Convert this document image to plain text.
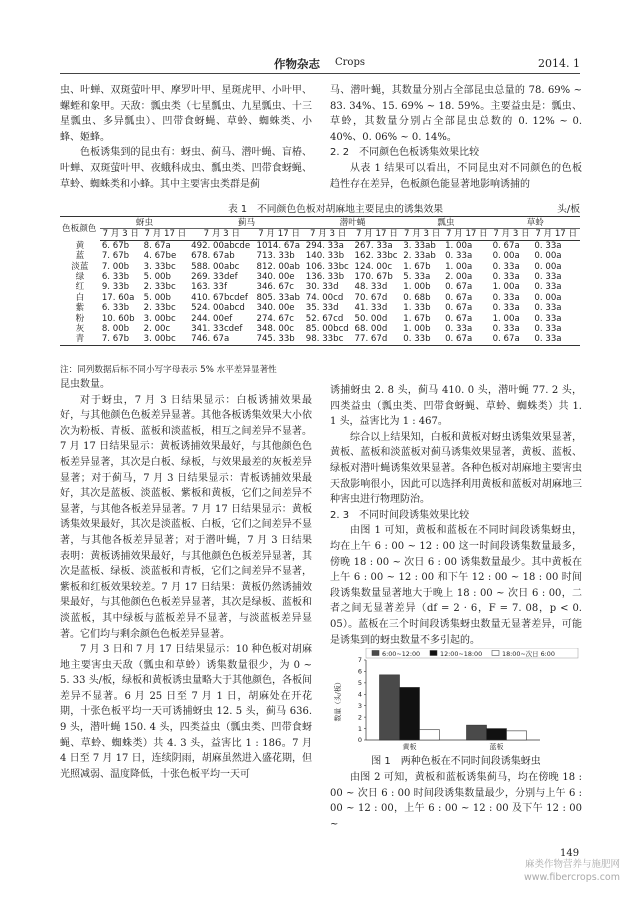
作物杂志 Crops	2014. 1

虫、叶蝉、双斑萤叶甲、摩罗叶甲、星斑虎甲、小叶甲、螺蛭和象甲。天敌：瓢虫类（七星瓢虫、九星瓢虫、十三星瓢虫、多异瓢虫）、凹带食蚜蝇、草蛉、蜘蛛类、小蜂、姬蜂。

色板诱集到的昆虫有：蚜虫、蓟马、潜叶蝇、盲椿、叶蝉、双斑萤叶甲、夜蛾科成虫、瓢虫类、凹带食蚜蝇、草蛉、蜘蛛类和小蜂。其中主要害虫类群是蓟

马、潜叶蝇，其数量分别占全部昆虫总量的 78. 69% ~ 83. 34%、15. 69% ~ 18. 59%。主要益虫是：瓢虫、草蛉，其数量分别占全部昆虫总数的 0. 12% ~ 0. 40%、0. 06% ~ 0. 14%。

2. 2　不同颜色色板诱集效果比较

从表 1 结果可以看出，不同昆虫对不同颜色的色板趋性存在差异，色板颜色能显著地影响诱捕的

表 1　不同颜色色板对胡麻地主要昆虫的诱集效果	头/板
色板颜色	蚜虫		蓟马		潜叶蝇		瓢虫		草蛉	
	7 月 3 日	7 月 17 日	7 月 3 日	7 月 17 日	7 月 3 日	7 月 17 日	7 月 3 日	7 月 17 日	7 月 3 日	7 月 17 日
黄	6. 67b	8. 67a	492. 00abcde	1014. 67a	294. 33a	267. 33a	3. 33ab	1. 00a	0. 67a	0. 33a
蓝	7. 67b	4. 67be	678. 67ab	713. 33b	140. 33b	162. 33bc	2. 33ab	0. 33a	0. 00a	0. 00a
淡蓝	7. 00b	3. 33bc	588. 00abc	812. 00ab	106. 33bc	124. 00c	1. 67b	1. 00a	0. 33a	0. 00a
绿	6. 33b	5. 00b	269. 33def	340. 00e	136. 33b	170. 67b	5. 33a	2. 00a	0. 33a	0. 33a
红	9. 33b	2. 33bc	163. 33f	346. 67c	30. 33d	48. 33d	1. 00b	0. 67a	1. 00a	0. 33a
白	17. 60a	5. 00b	410. 67bcdef	805. 33ab	74. 00cd	70. 67d	0. 68b	0. 67a	0. 33a	0. 00a
紫	6. 33b	2. 33bc	524. 00abcd	340. 00e	35. 33d	41. 33d	1. 33b	0. 67a	0. 33a	0. 33a
粉	10. 60b	3. 00bc	244. 00ef	274. 67c	52. 67cd	50. 00d	1. 67b	0. 67a	1. 00a	0. 33a
灰	8. 00b	2. 00c	341. 33cdef	348. 00c	85. 00bcd	68. 00d	1. 00b	0. 33a	0. 33a	0. 33a
青	7. 67b	3. 00bc	746. 67a	745. 33b	98. 33bc	77. 67d	0. 33b	0. 67a	0. 67a	0. 33a
注：同列数据后标不同小写字母表示 5% 水平差异显著性

昆虫数量。

对于蚜虫，7 月 3 日结果显示：白板诱捕效果最好，与其他颜色色板差异显著。其他各板诱集效果大小依次为粉板、青板、蓝板和淡蓝板，相互之间差异不显著。7 月 17 日结果显示：黄板诱捕效果最好，与其他颜色色板差异显著，其次是白板、绿板，与效果最差的灰板差异显著；对于蓟马，7 月 3 日结果显示：青板诱捕效果最好，其次是蓝板、淡蓝板、紫板和黄板，它们之间差异不显著，与其他各板差异显著。7 月 17 日结果显示：黄板诱集效果最好，其次是淡蓝板、白板，它们之间差异不显著，与其他各板差异显著；对于潜叶蝇，7 月 3 日结果表明：黄板诱捕效果最好，与其他颜色色板差异显著，其次是蓝板、绿板、淡蓝板和青板，它们之间差异不显著，紫板和红板效果较差。7 月 17 日结果：黄板仍然诱捕效果最好，与其他颜色色板差异显著，其次是绿板、蓝板和淡蓝板，其中绿板与蓝板差异不显著，与淡蓝板差异显著。它们均与剩余颜色色板差异显著。

7 月 3 日和 7 月 17 日结果显示：10 种色板对胡麻地主要害虫天敌（瓢虫和草蛉）诱集数量很少，为 0 ~ 5. 33 头/板，绿板和黄板诱虫量略大于其他颜色，各板间差异不显著。6 月 25 日至 7 月 1 日，胡麻处在开花期，十张色板平均一天可诱捕蚜虫 12. 5 头，蓟马 636. 9 头，潜叶蝇 150. 4 头，四类益虫（瓢虫类、凹带食蚜蝇、草蛉、蜘蛛类）共 4. 3 头，益害比 1 : 186。7 月 4 日至 7 月 17 日，连续阴雨，胡麻虽然进入盛花期，但光照减弱、温度降低，十张色板平均一天可

诱捕蚜虫 2. 8 头，蓟马 410. 0 头，潜叶蝇 77. 2 头，四类益虫（瓢虫类、凹带食蚜蝇、草蛉、蜘蛛类）共 1. 1 头，益害比为 1 : 467。

综合以上结果知，白板和黄板对蚜虫诱集效果显著，黄板、蓝板和淡蓝板对蓟马诱集效果显著，黄板、蓝板、绿板对潜叶蝇诱集效果显著。各种色板对胡麻地主要害虫天敌影响很小，因此可以选择利用黄板和蓝板对胡麻地三种害虫进行物理防治。

2. 3　不同时间段诱集效果比较

由图 1 可知，黄板和蓝板在不同时间段诱集蚜虫，均在上午 6 : 00 ~ 12 : 00 这一时间段诱集数量最多，傍晚 18 : 00 ~ 次日 6 : 00 诱集数量最少。其中黄板在上午 6 : 00 ~ 12 : 00 和下午 12 : 00 ~ 18 : 00 时间段诱集数量显著地大于晚上 18 : 00 ~ 次日 6 : 00，二者之间无显著差异（df = 2 · 6，F = 7. 08，p < 0. 05）。蓝板在三个时间段诱集蚜虫数量无显著差异，可能是诱集到的蚜虫数量不多引起的。

6:00~12:00	12:00~18:00	18:00~次日 6:00
0
1
2
3
4
5
6
7
数量（头/板）
黄板	蓝板
图 1　两种色板在不同时间段诱集蚜虫

由图 2 可知，黄板和蓝板诱集蓟马，均在傍晚 18 : 00 ~ 次日 6 : 00 时间段诱集数量最少，分别与上午 6 : 00 ~ 12 : 00，上午 6 : 00 ~ 12 : 00 及下午 12 : 00 ~

149
麻类作物营养与施肥网
www.fibercrops.com
